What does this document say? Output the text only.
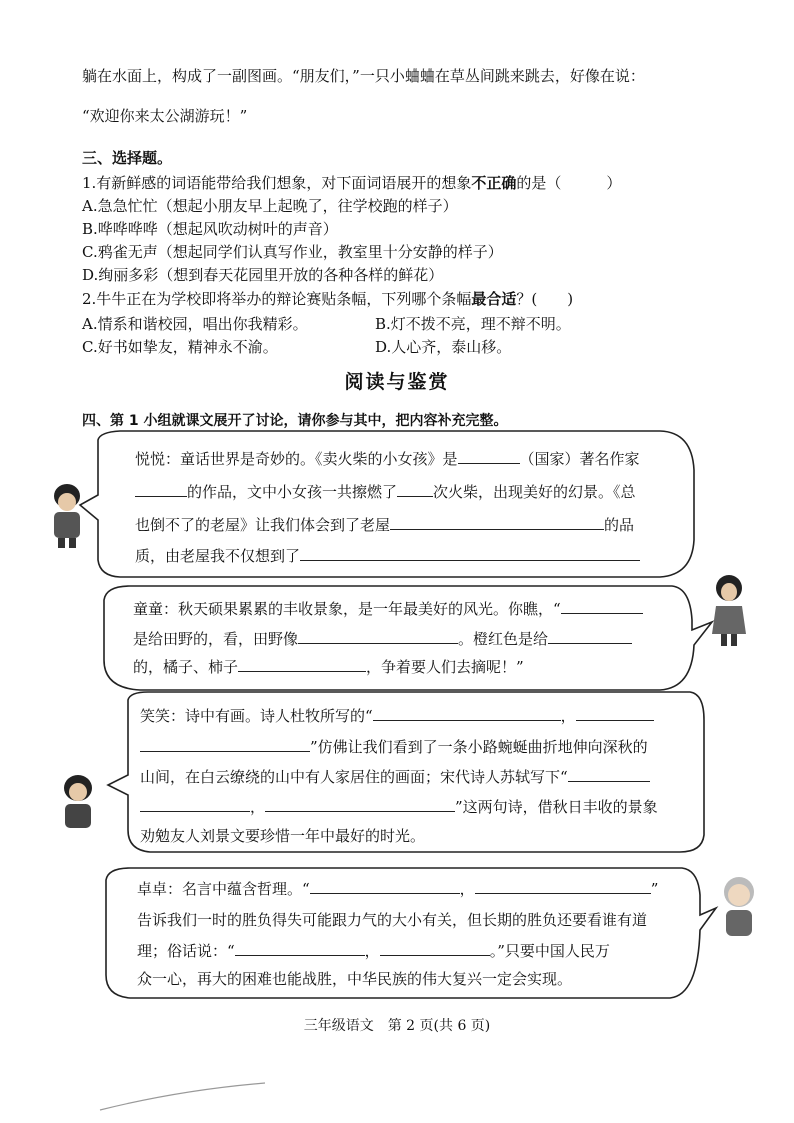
躺在水面上，构成了一副图画。“朋友们，”一只小蛐蛐在草丛间跳来跳去，好像在说：
“欢迎你来太公湖游玩！”
三、选择题。
1.有新鲜感的词语能带给我们想象，对下面词语展开的想象不正确的是（　　　）
A.急急忙忙（想起小朋友早上起晚了，往学校跑的样子）
B.哗哗哗哗（想起风吹动树叶的声音）
C.鸦雀无声（想起同学们认真写作业，教室里十分安静的样子）
D.绚丽多彩（想到春天花园里开放的各种各样的鲜花）
2.牛牛正在为学校即将举办的辩论赛贴条幅，下列哪个条幅最合适？(　　)
A.情系和谐校园，唱出你我精彩。	B.灯不拨不亮，理不辩不明。
C.好书如挚友，精神永不渝。	D.人心齐，泰山移。
阅读与鉴赏
四、第 1 小组就课文展开了讨论，请你参与其中，把内容补充完整。
悦悦：童话世界是奇妙的。《卖火柴的小女孩》是	（国家）著名作家
的作品，文中小女孩一共擦燃了 次火柴，出现美好的幻景。《总
也倒不了的老屋》让我们体会到了老屋	的品
质，由老屋我不仅想到了
童童：秋天硕果累累的丰收景象，是一年最美好的风光。你瞧，“
是给田野的，看，田野像	。橙红色是给
的，橘子、柿子	，争着要人们去摘呢！”
笑笑：诗中有画。诗人杜牧所写的“	，
”仿佛让我们看到了一条小路蜿蜒曲折地伸向深秋的
山间，在白云缭绕的山中有人家居住的画面；宋代诗人苏轼写下“
，	”这两句诗，借秋日丰收的景象
劝勉友人刘景文要珍惜一年中最好的时光。
卓卓：名言中蕴含哲理。“	，	”
告诉我们一时的胜负得失可能跟力气的大小有关，但长期的胜负还要看谁有道
理；俗话说：“	，	。”只要中国人民万
众一心，再大的困难也能战胜，中华民族的伟大复兴一定会实现。
三年级语文　第 2 页(共 6 页)
